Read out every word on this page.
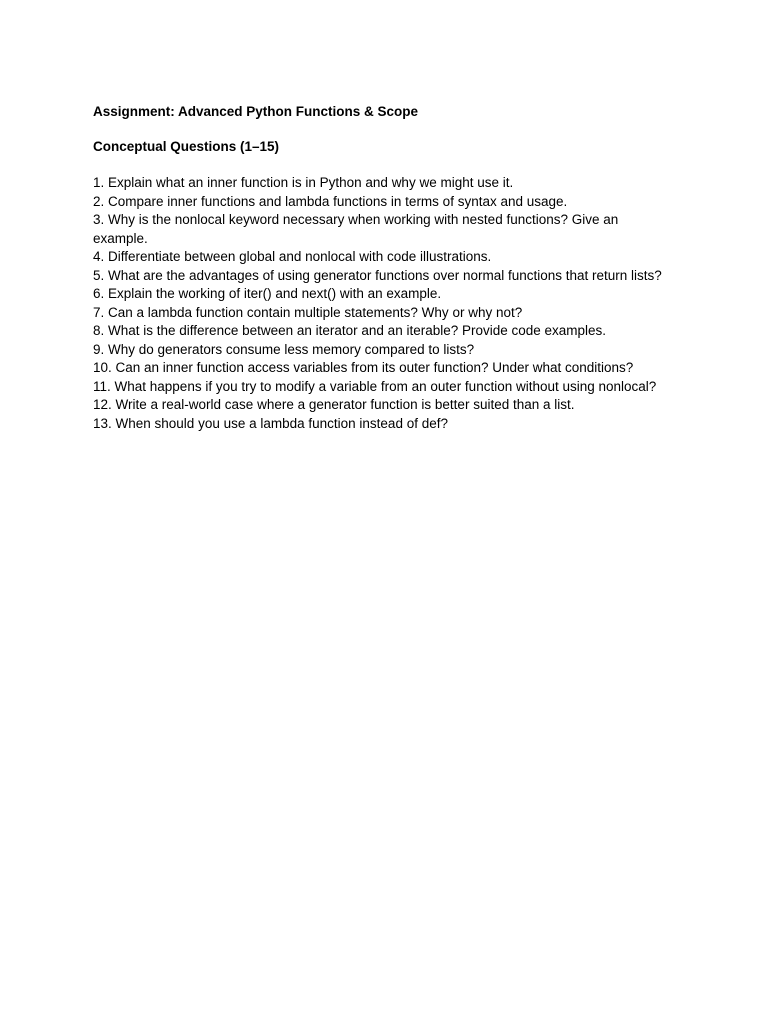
Assignment: Advanced Python Functions & Scope

Conceptual Questions (1–15)

1. Explain what an inner function is in Python and why we might use it.
2. Compare inner functions and lambda functions in terms of syntax and usage.
3. Why is the nonlocal keyword necessary when working with nested functions? Give an example.
4. Differentiate between global and nonlocal with code illustrations.
5. What are the advantages of using generator functions over normal functions that return lists?
6. Explain the working of iter() and next() with an example.
7. Can a lambda function contain multiple statements? Why or why not?
8. What is the difference between an iterator and an iterable? Provide code examples.
9. Why do generators consume less memory compared to lists?
10. Can an inner function access variables from its outer function? Under what conditions?
11. What happens if you try to modify a variable from an outer function without using nonlocal?
12. Write a real-world case where a generator function is better suited than a list.
13. When should you use a lambda function instead of def?
